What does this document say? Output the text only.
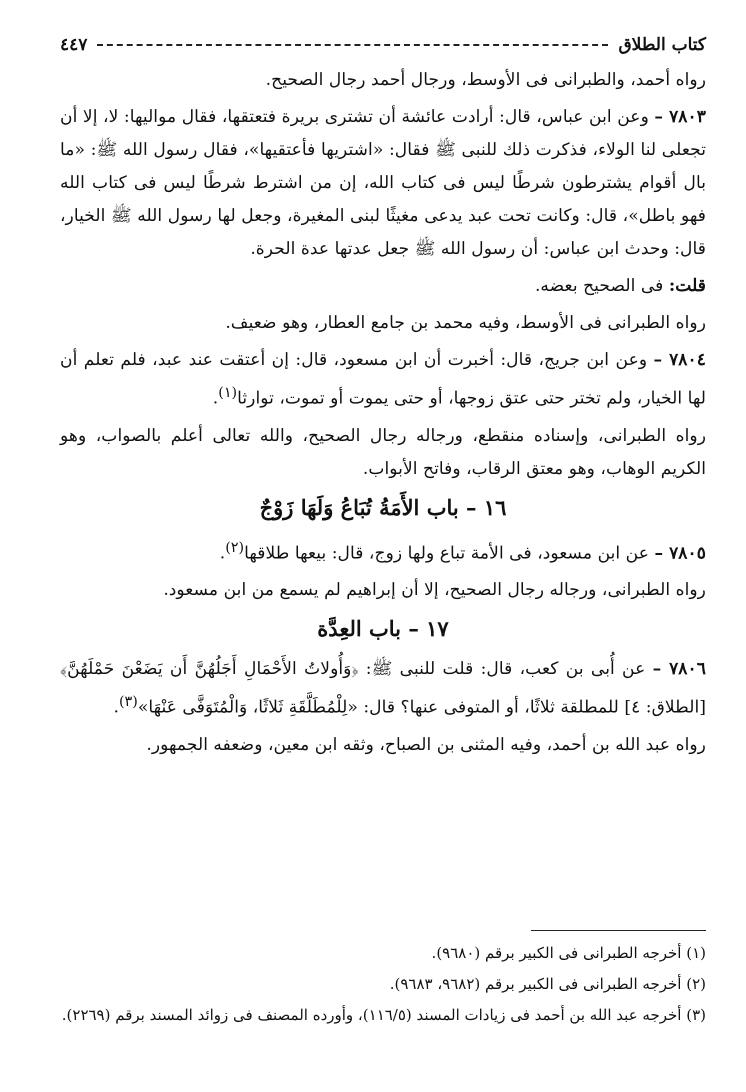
كتاب الطلاق
٤٤٧

رواه أحمد، والطبرانى فى الأوسط، ورجال أحمد رجال الصحيح.

٧٨٠٣ – وعن ابن عباس، قال: أرادت عائشة أن تشترى بريرة فتعتقها، فقال مواليها: لا، إلا أن تجعلى لنا الولاء، فذكرت ذلك للنبى ﷺ فقال: «اشتريها فأعتقيها»، فقال رسول الله ﷺ: «ما بال أقوام يشترطون شرطًا ليس فى كتاب الله، إن من اشترط شرطًا ليس فى كتاب الله فهو باطل»، قال: وكانت تحت عبد يدعى مغيثًا لبنى المغيرة، وجعل لها رسول الله ﷺ الخيار، قال: وحدث ابن عباس: أن رسول الله ﷺ جعل عدتها عدة الحرة.

قلت: فى الصحيح بعضه.

رواه الطبرانى فى الأوسط، وفيه محمد بن جامع العطار، وهو ضعيف.

٧٨٠٤ – وعن ابن جريج، قال: أخبرت أن ابن مسعود، قال: إن أعتقت عند عبد، فلم تعلم أن لها الخيار، ولم تختر حتى عتق زوجها، أو حتى يموت أو تموت، توارثا$^{(١)}$.

رواه الطبرانى، وإسناده منقطع، ورجاله رجال الصحيح، والله تعالى أعلم بالصواب، وهو الكريم الوهاب، وهو معتق الرقاب، وفاتح الأبواب.

١٦ – باب الأَمَةُ تُبَاعُ وَلَهَا زَوْجٌ

٧٨٠٥ – عن ابن مسعود، فى الأمة تباع ولها زوج، قال: بيعها طلاقها$^{(٢)}$.

رواه الطبرانى، ورجاله رجال الصحيح، إلا أن إبراهيم لم يسمع من ابن مسعود.

١٧ – باب العِدَّة

٧٨٠٦ – عن أُبى بن كعب، قال: قلت للنبى ﷺ: ﴿وَأُولاتُ الأَحْمَالِ أَجَلُهُنَّ أَن يَضَعْنَ حَمْلَهُنَّ﴾ [الطلاق: ٤] للمطلقة ثلاثًا، أو المتوفى عنها؟ قال: «لِلْمُطَلَّقَةِ ثَلاثًا، وَالْمُتَوَفَّى عَنْهَا»$^{(٣)}$.

رواه عبد الله بن أحمد، وفيه المثنى بن الصباح، وثقه ابن معين، وضعفه الجمهور.

(١) أخرجه الطبرانى فى الكبير برقم (٩٦٨٠).
(٢) أخرجه الطبرانى فى الكبير برقم (٩٦٨٢، ٩٦٨٣).
(٣) أخرجه عبد الله بن أحمد فى زيادات المسند (١١٦/٥)، وأورده المصنف فى زوائد المسند برقم (٢٢٦٩).
